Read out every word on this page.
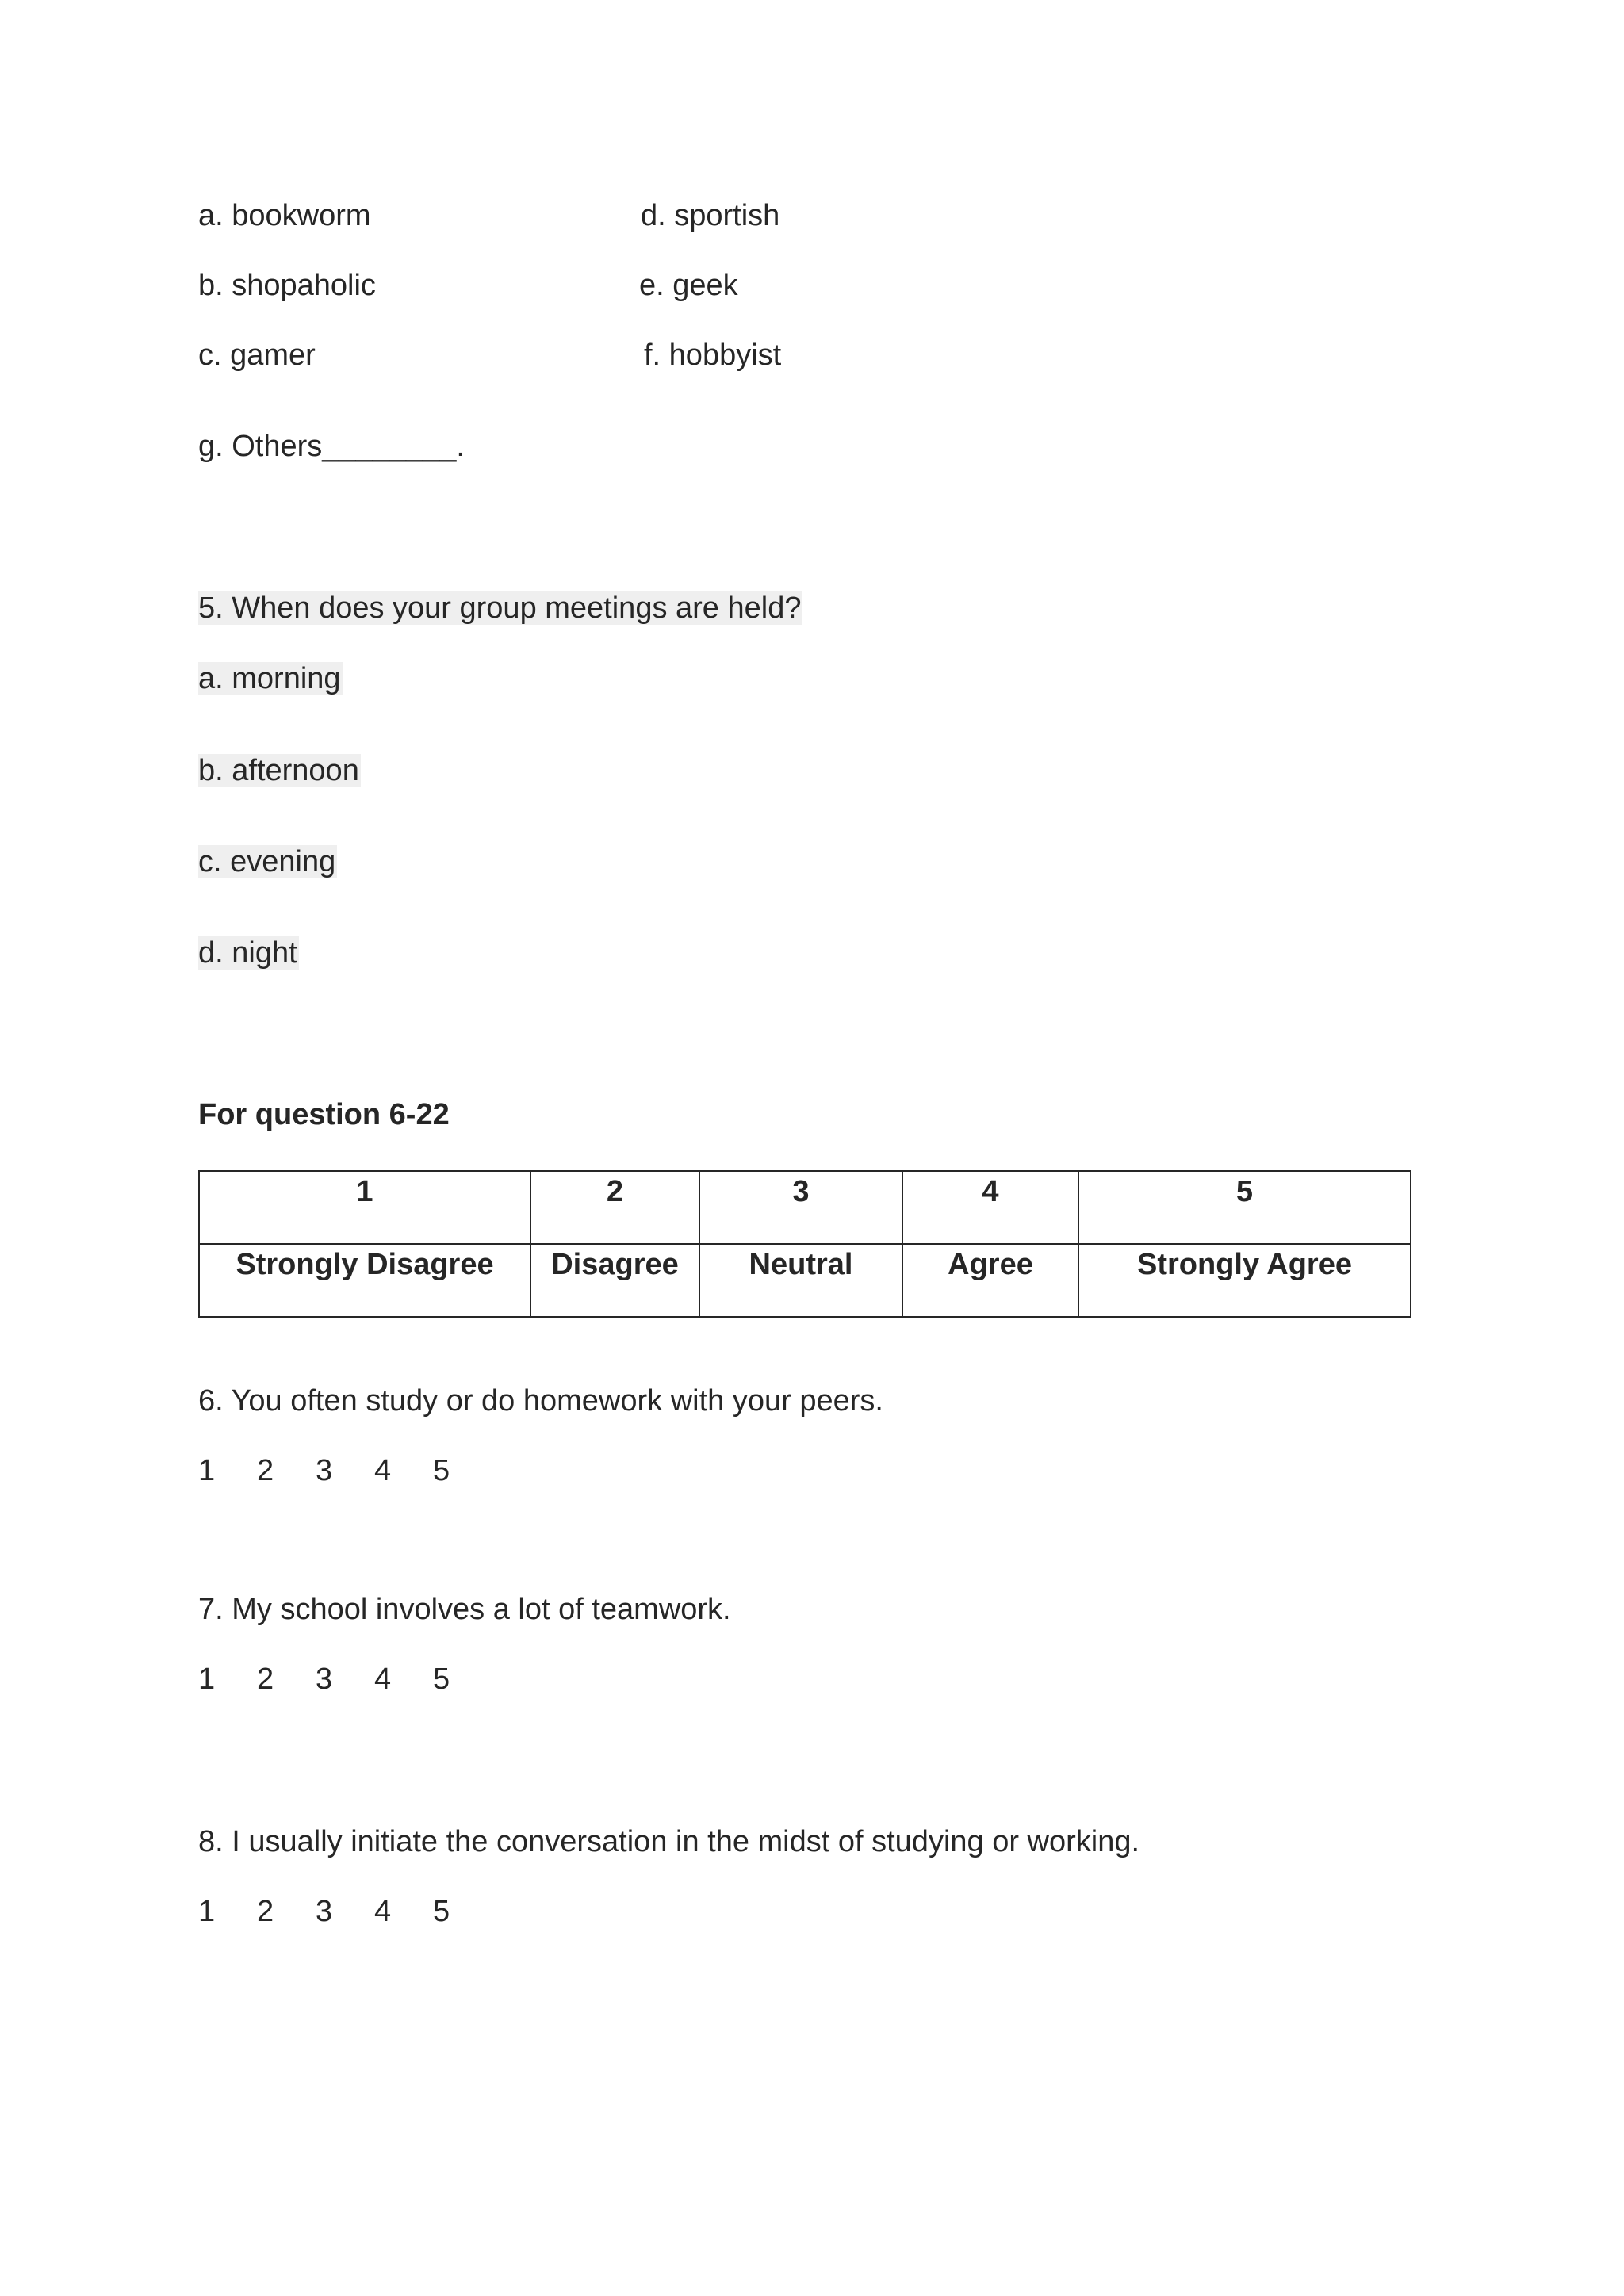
a. bookworm
b. shopaholic
c. gamer
d. sportish
e. geek
f. hobbyist
g. Others________.
5. When does your group meetings are held?
a. morning
b. afternoon
c. evening
d. night
For question 6-22
1	2	3	4	5
Strongly Disagree	Disagree	Neutral	Agree	Strongly Agree
6. You often study or do homework with your peers.
1 2 3 4 5
7. My school involves a lot of teamwork.
1 2 3 4 5
8. I usually initiate the conversation in the midst of studying or working.
1 2 3 4 5
